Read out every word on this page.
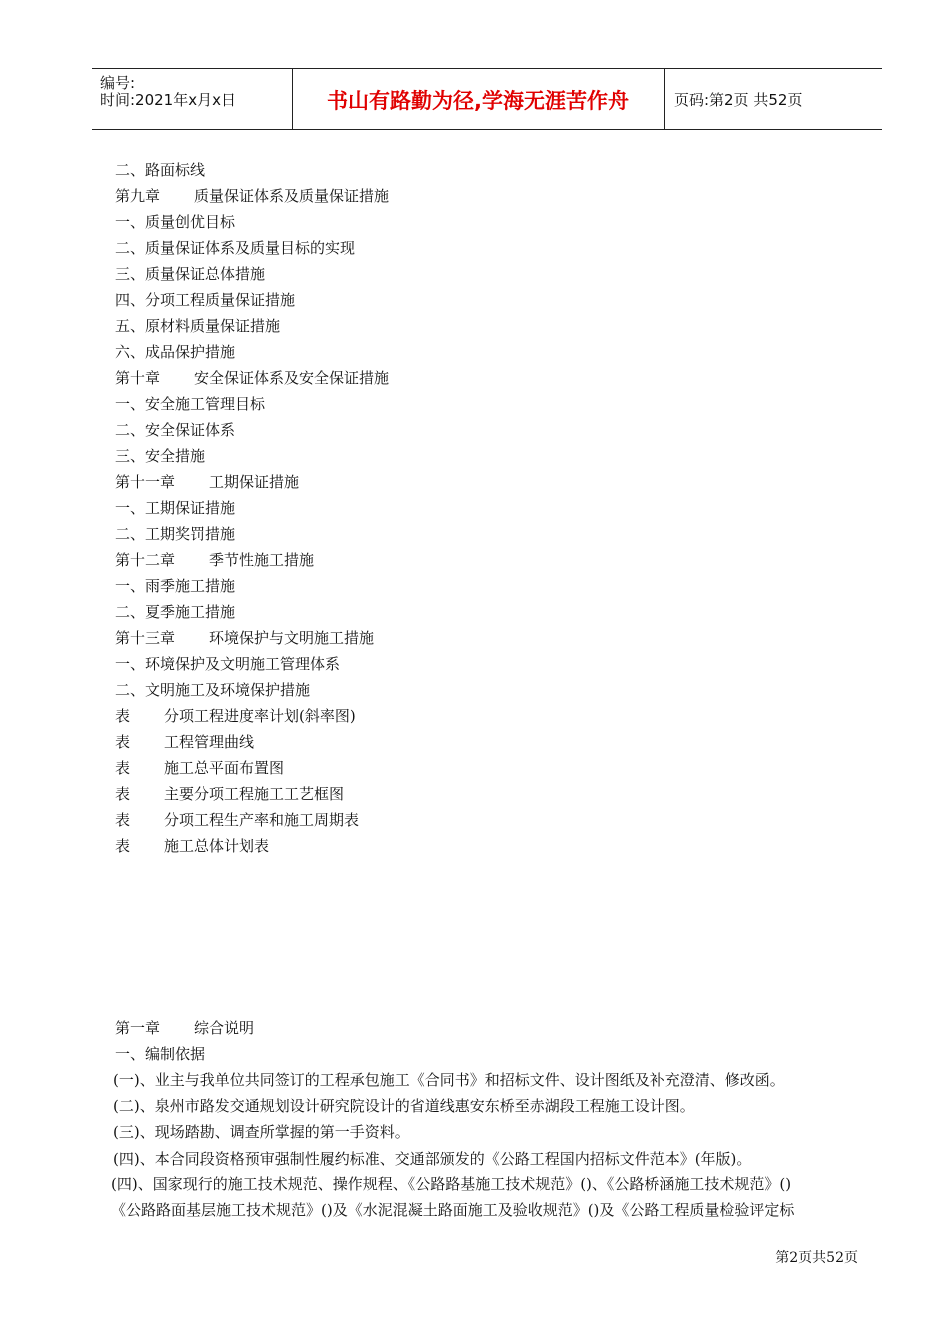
编号:
时间:2021年x月x日	书山有路勤为径,学海无涯苦作舟	页码:第2页 共52页
二、路面标线
第九章 质量保证体系及质量保证措施
一、质量创优目标
二、质量保证体系及质量目标的实现
三、质量保证总体措施
四、分项工程质量保证措施
五、原材料质量保证措施
六、成品保护措施
第十章 安全保证体系及安全保证措施
一、安全施工管理目标
二、安全保证体系
三、安全措施
第十一章 工期保证措施
一、工期保证措施
二、工期奖罚措施
第十二章 季节性施工措施
一、雨季施工措施
二、夏季施工措施
第十三章 环境保护与文明施工措施
一、环境保护及文明施工管理体系
二、文明施工及环境保护措施
表 分项工程进度率计划(斜率图)
表 工程管理曲线
表 施工总平面布置图
表 主要分项工程施工工艺框图
表 分项工程生产率和施工周期表
表 施工总体计划表
第一章 综合说明
一、编制依据
(一)、业主与我单位共同签订的工程承包施工《合同书》和招标文件、设计图纸及补充澄清、修改函。
(二)、泉州市路发交通规划设计研究院设计的省道线惠安东桥至赤湖段工程施工设计图。
(三)、现场踏勘、调查所掌握的第一手资料。
(四)、本合同段资格预审强制性履约标准、交通部颁发的《公路工程国内招标文件范本》(年版)。
(四)、国家现行的施工技术规范、操作规程、《公路路基施工技术规范》()、《公路桥涵施工技术规范》()
《公路路面基层施工技术规范》()及《水泥混凝土路面施工及验收规范》()及《公路工程质量检验评定标
第2页共52页
